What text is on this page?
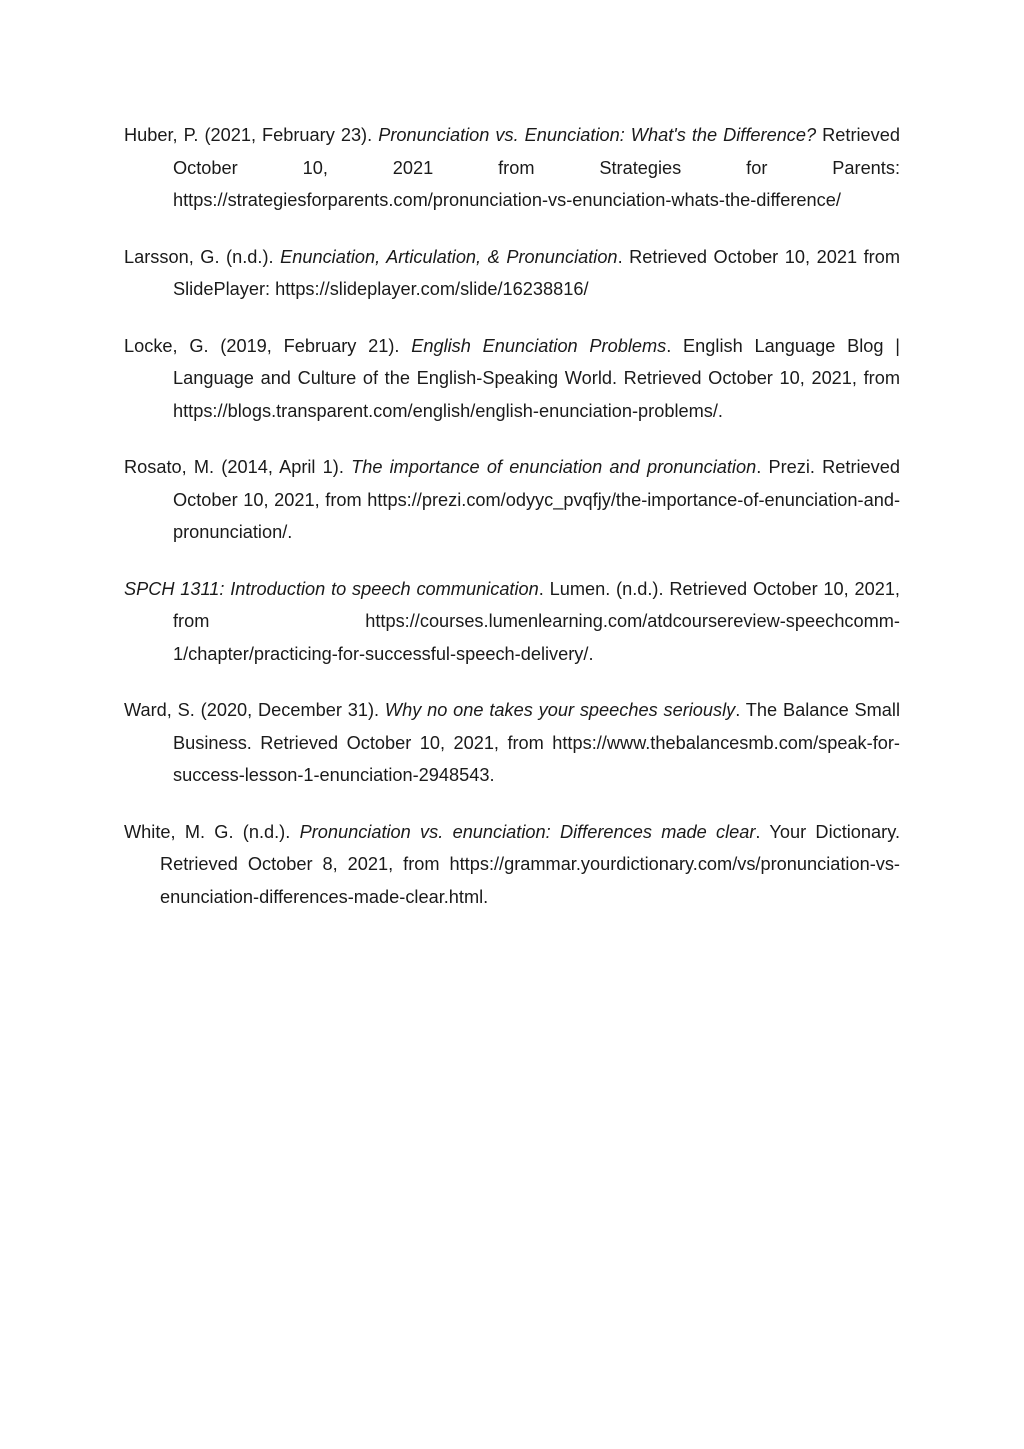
Huber, P. (2021, February 23). Pronunciation vs. Enunciation: What's the Difference? Retrieved October 10, 2021 from Strategies for Parents: https://strategiesforparents.com/pronunciation-vs-enunciation-whats-the-difference/

Larsson, G. (n.d.). Enunciation, Articulation, & Pronunciation. Retrieved October 10, 2021 from SlidePlayer: https://slideplayer.com/slide/16238816/

Locke, G. (2019, February 21). English Enunciation Problems. English Language Blog | Language and Culture of the English-Speaking World. Retrieved October 10, 2021, from https://blogs.transparent.com/english/english-enunciation-problems/.

Rosato, M. (2014, April 1). The importance of enunciation and pronunciation. Prezi. Retrieved October 10, 2021, from https://prezi.com/odyyc_pvqfjy/the-importance-of-enunciation-and-pronunciation/.

SPCH 1311: Introduction to speech communication. Lumen. (n.d.). Retrieved October 10, 2021, from https://courses.lumenlearning.com/atdcoursereview-speechcomm-1/chapter/practicing-for-successful-speech-delivery/.

Ward, S. (2020, December 31). Why no one takes your speeches seriously. The Balance Small Business. Retrieved October 10, 2021, from https://www.thebalancesmb.com/speak-for-success-lesson-1-enunciation-2948543.

White, M. G. (n.d.). Pronunciation vs. enunciation: Differences made clear. Your Dictionary. Retrieved October 8, 2021, from https://grammar.yourdictionary.com/vs/pronunciation-vs-enunciation-differences-made-clear.html.
